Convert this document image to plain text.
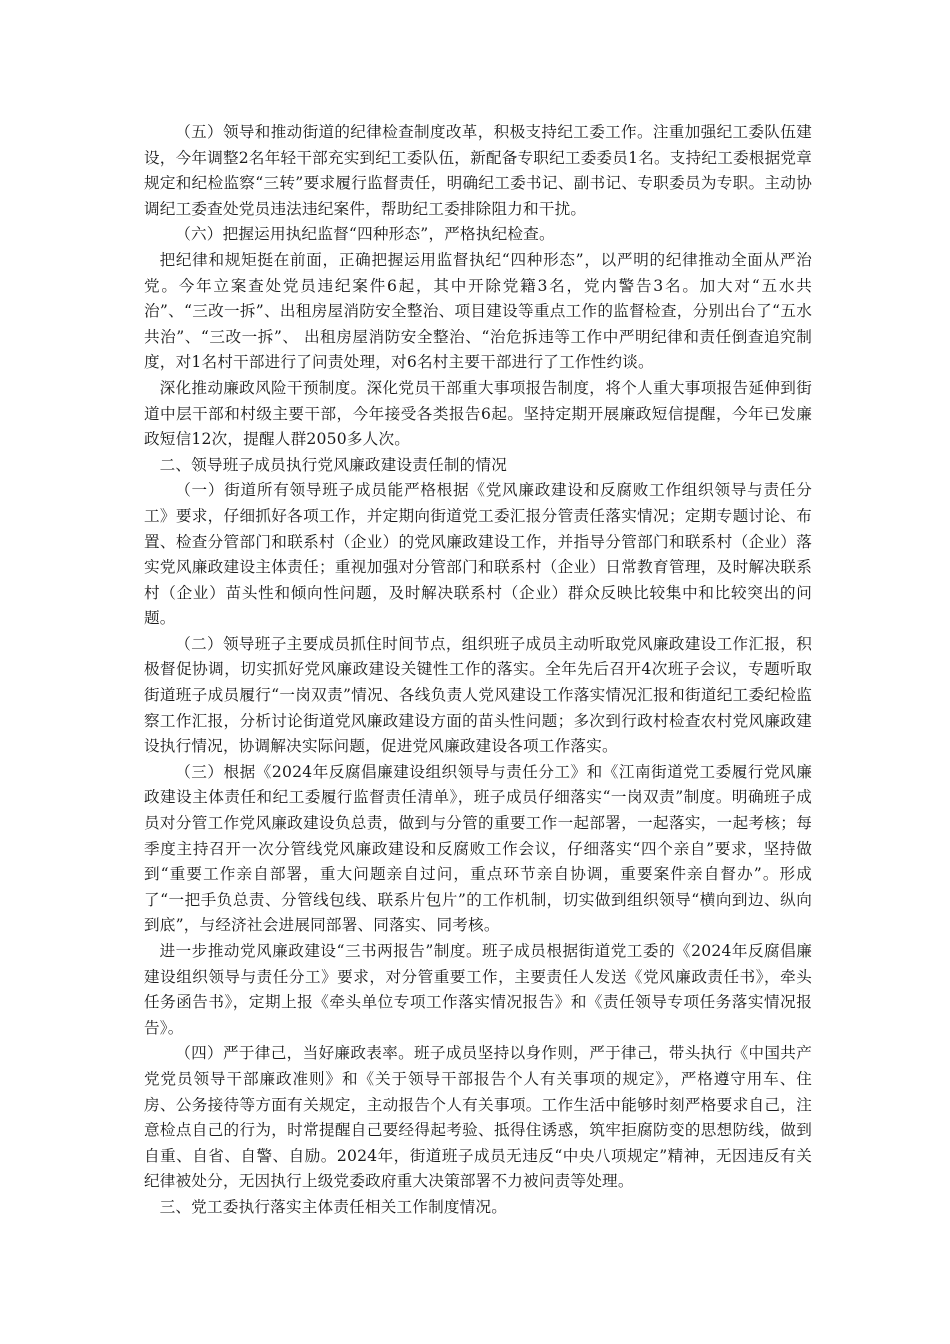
（五）领导和推动街道的纪律检查制度改革，积极支持纪工委工作。注重加强纪工委队伍建设，今年调整2名年轻干部充实到纪工委队伍，新配备专职纪工委委员1名。支持纪工委根据党章规定和纪检监察“三转”要求履行监督责任，明确纪工委书记、副书记、专职委员为专职。主动协调纪工委查处党员违法违纪案件，帮助纪工委排除阻力和干扰。

（六）把握运用执纪监督“四种形态”，严格执纪检查。

把纪律和规矩挺在前面，正确把握运用监督执纪“四种形态”，以严明的纪律推动全面从严治党。今年立案查处党员违纪案件6起，其中开除党籍3名，党内警告3名。加大对“五水共治”、“三改一拆”、出租房屋消防安全整治、项目建设等重点工作的监督检查，分别出台了“五水共治”、“三改一拆”、 出租房屋消防安全整治、“治危拆违等工作中严明纪律和责任倒查追究制度，对1名村干部进行了问责处理，对6名村主要干部进行了工作性约谈。

深化推动廉政风险干预制度。深化党员干部重大事项报告制度，将个人重大事项报告延伸到街道中层干部和村级主要干部，今年接受各类报告6起。坚持定期开展廉政短信提醒，今年已发廉政短信12次，提醒人群2050多人次。

二、领导班子成员执行党风廉政建设责任制的情况

（一）街道所有领导班子成员能严格根据《党风廉政建设和反腐败工作组织领导与责任分工》要求，仔细抓好各项工作，并定期向街道党工委汇报分管责任落实情况；定期专题讨论、布置、检查分管部门和联系村（企业）的党风廉政建设工作，并指导分管部门和联系村（企业）落实党风廉政建设主体责任；重视加强对分管部门和联系村（企业）日常教育管理，及时解决联系村（企业）苗头性和倾向性问题，及时解决联系村（企业）群众反映比较集中和比较突出的问题。

（二）领导班子主要成员抓住时间节点，组织班子成员主动听取党风廉政建设工作汇报，积极督促协调，切实抓好党风廉政建设关键性工作的落实。全年先后召开4次班子会议，专题听取街道班子成员履行“一岗双责”情况、各线负责人党风建设工作落实情况汇报和街道纪工委纪检监察工作汇报，分析讨论街道党风廉政建设方面的苗头性问题；多次到行政村检查农村党风廉政建设执行情况，协调解决实际问题，促进党风廉政建设各项工作落实。

（三）根据《2024年反腐倡廉建设组织领导与责任分工》和《江南街道党工委履行党风廉政建设主体责任和纪工委履行监督责任清单》，班子成员仔细落实“一岗双责”制度。明确班子成员对分管工作党风廉政建设负总责，做到与分管的重要工作一起部署，一起落实，一起考核；每季度主持召开一次分管线党风廉政建设和反腐败工作会议，仔细落实“四个亲自”要求，坚持做到“重要工作亲自部署，重大问题亲自过问，重点环节亲自协调，重要案件亲自督办”。形成了“一把手负总责、分管线包线、联系片包片”的工作机制，切实做到组织领导“横向到边、纵向到底”，与经济社会进展同部署、同落实、同考核。

进一步推动党风廉政建设“三书两报告”制度。班子成员根据街道党工委的《2024年反腐倡廉建设组织领导与责任分工》要求，对分管重要工作，主要责任人发送《党风廉政责任书》，牵头任务函告书》，定期上报《牵头单位专项工作落实情况报告》和《责任领导专项任务落实情况报告》。

（四）严于律己，当好廉政表率。班子成员坚持以身作则，严于律己，带头执行《中国共产党党员领导干部廉政准则》和《关于领导干部报告个人有关事项的规定》，严格遵守用车、住房、公务接待等方面有关规定，主动报告个人有关事项。工作生活中能够时刻严格要求自己，注意检点自己的行为，时常提醒自己要经得起考验、抵得住诱惑，筑牢拒腐防变的思想防线，做到自重、自省、自警、自励。2024年，街道班子成员无违反“中央八项规定”精神，无因违反有关纪律被处分，无因执行上级党委政府重大决策部署不力被问责等处理。

三、党工委执行落实主体责任相关工作制度情况。
